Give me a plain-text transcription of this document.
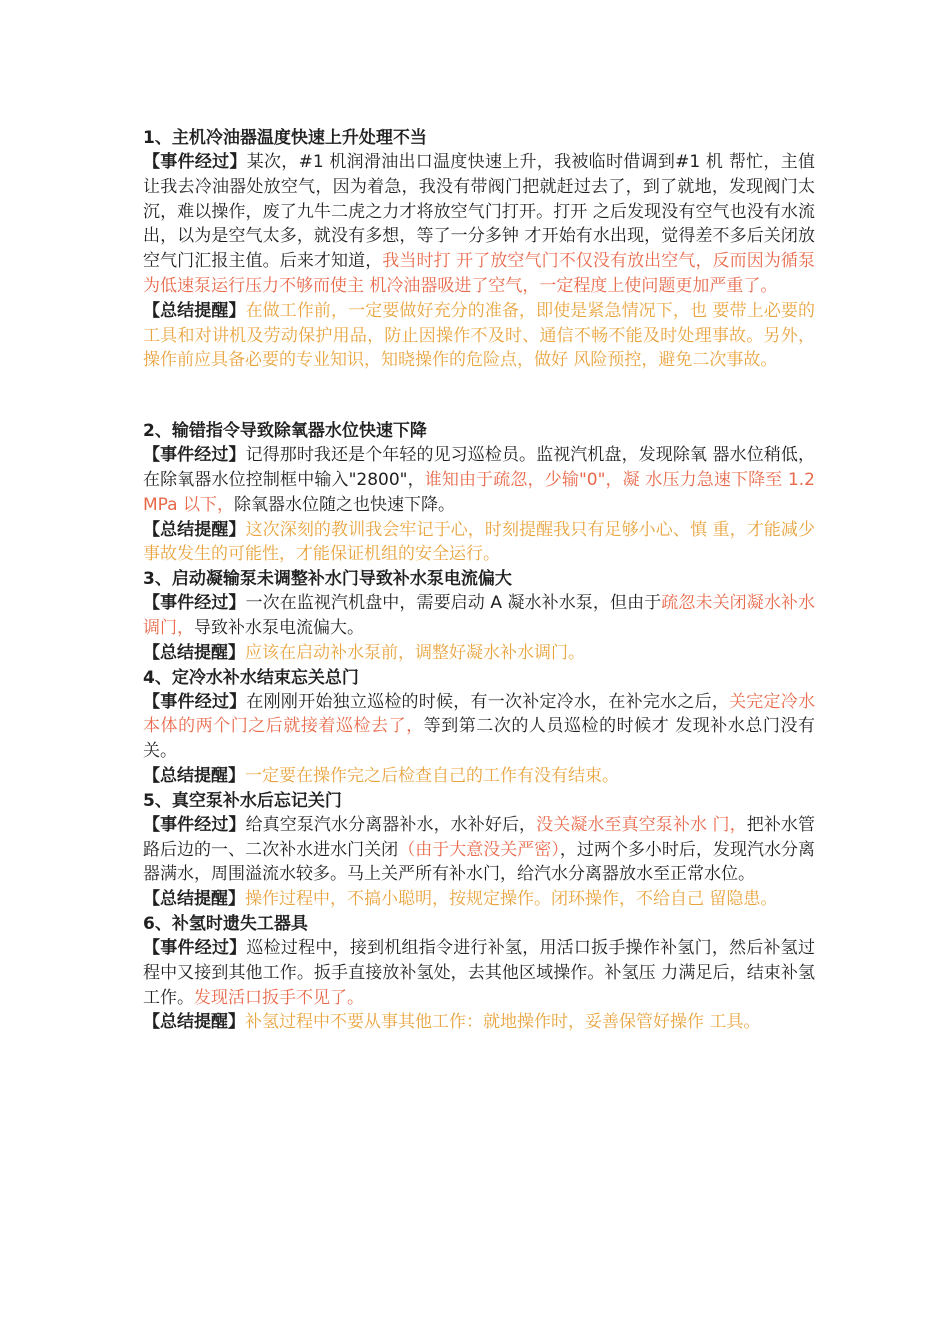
1、主机冷油器温度快速上升处理不当
【事件经过】某次，#1 机润滑油出口温度快速上升，我被临时借调到#1 机 帮忙，主值让我去冷油器处放空气，因为着急，我没有带阀门把就赶过去了，到了就地，发现阀门太沉，难以操作，废了九牛二虎之力才将放空气门打开。打开 之后发现没有空气也没有水流出，以为是空气太多，就没有多想，等了一分多钟 才开始有水出现，觉得差不多后关闭放空气门汇报主值。后来才知道，我当时打 开了放空气门不仅没有放出空气，反而因为循泵为低速泵运行压力不够而使主 机冷油器吸进了空气，一定程度上使问题更加严重了。
【总结提醒】在做工作前，一定要做好充分的准备，即使是紧急情况下，也 要带上必要的工具和对讲机及劳动保护用品，防止因操作不及时、通信不畅不能及时处理事故。另外，操作前应具备必要的专业知识，知晓操作的危险点，做好 风险预控，避免二次事故。
2、输错指令导致除氧器水位快速下降
【事件经过】记得那时我还是个年轻的见习巡检员。监视汽机盘，发现除氧 器水位稍低，在除氧器水位控制框中输入"2800"，谁知由于疏忽，少输"0"，凝 水压力急速下降至 1.2MPa 以下，除氧器水位随之也快速下降。
【总结提醒】这次深刻的教训我会牢记于心，时刻提醒我只有足够小心、慎 重，才能减少事故发生的可能性，才能保证机组的安全运行。
3、启动凝输泵未调整补水门导致补水泵电流偏大
【事件经过】一次在监视汽机盘中，需要启动 A 凝水补水泵，但由于疏忽未关闭凝水补水调门，导致补水泵电流偏大。
【总结提醒】应该在启动补水泵前，调整好凝水补水调门。
4、定冷水补水结束忘关总门
【事件经过】在刚刚开始独立巡检的时候，有一次补定冷水，在补完水之后，关完定冷水本体的两个门之后就接着巡检去了，等到第二次的人员巡检的时候才 发现补水总门没有关。
【总结提醒】一定要在操作完之后检查自己的工作有没有结束。
5、真空泵补水后忘记关门
【事件经过】给真空泵汽水分离器补水，水补好后，没关凝水至真空泵补水 门，把补水管路后边的一、二次补水进水门关闭（由于大意没关严密），过两个多小时后，发现汽水分离器满水，周围溢流水较多。马上关严所有补水门，给汽水分离器放水至正常水位。
【总结提醒】操作过程中，不搞小聪明，按规定操作。闭环操作，不给自己 留隐患。
6、补氢时遗失工器具
【事件经过】巡检过程中，接到机组指令进行补氢，用活口扳手操作补氢门，然后补氢过程中又接到其他工作。扳手直接放补氢处，去其他区域操作。补氢压 力满足后，结束补氢工作。发现活口扳手不见了。
【总结提醒】补氢过程中不要从事其他工作：就地操作时，妥善保管好操作 工具。
